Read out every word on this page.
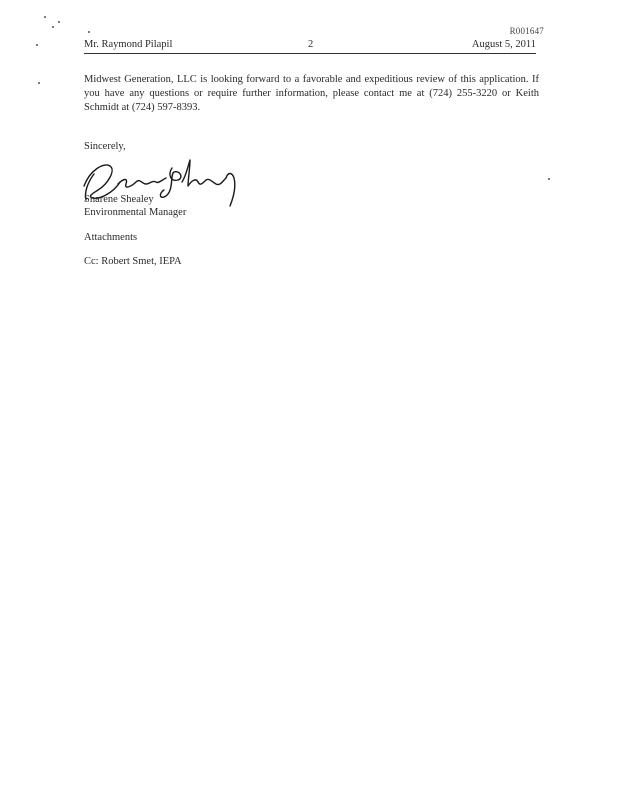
R001647
Mr. Raymond Pilapil	2	August 5, 2011
Midwest Generation, LLC is looking forward to a favorable and expeditious review of this application. If you have any questions or require further information, please contact me at (724) 255-3220 or Keith Schmidt at (724) 597-8393.
Sincerely,
Sharene Shealey
Environmental Manager
Attachments
Cc: Robert Smet, IEPA
